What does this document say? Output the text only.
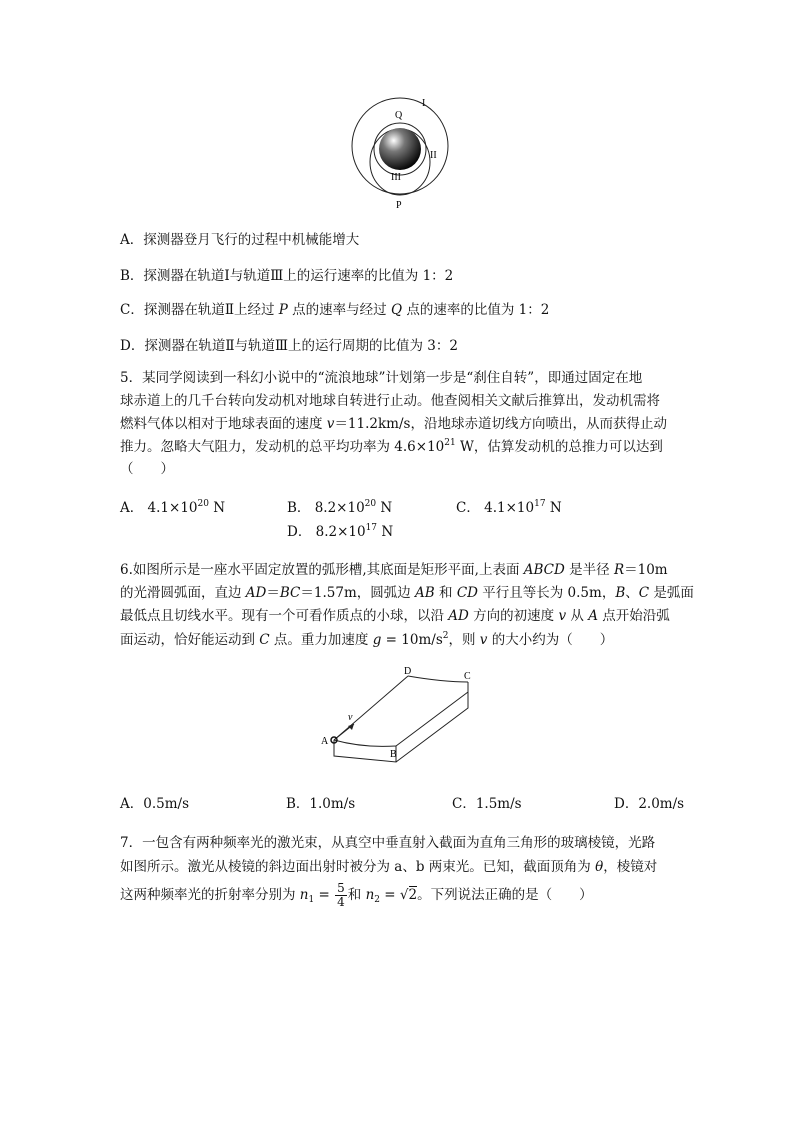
Q
I
II
III
P
A．探测器登月飞行的过程中机械能增大
B．探测器在轨道Ⅰ与轨道Ⅲ上的运行速率的比值为 1：2
C．探测器在轨道Ⅱ上经过 P 点的速率与经过 Q 点的速率的比值为 1：2
D．探测器在轨道Ⅱ与轨道Ⅲ上的运行周期的比值为 3：2
5．某同学阅读到一科幻小说中的“流浪地球”计划第一步是“刹住自转”，即通过固定在地
球赤道上的几千台转向发动机对地球自转进行止动。他查阅相关文献后推算出，发动机需将
燃料气体以相对于地球表面的速度 v＝11.2km/s，沿地球赤道切线方向喷出，从而获得止动
推力。忽略大气阻力，发动机的总平均功率为 $4.6\times 10^{21}$ W，估算发动机的总推力可以达到
（　　）
A． $4.1\times 10^{20}$ N	B． $8.2\times 10^{20}$ N	C． $4.1\times 10^{17}$ N
D． $8.2\times 10^{17}$ N
6.如图所示是一座水平固定放置的弧形槽,其底面是矩形平面,上表面 ABCD 是半径 R＝10m
的光滑圆弧面，直边 AD＝BC＝1.57m，圆弧边 AB 和 CD 平行且等长为 0.5m，B、C 是弧面
最低点且切线水平。现有一个可看作质点的小球，以沿 AD 方向的初速度 v 从 A 点开始沿弧
面运动，恰好能运动到 C 点。重力加速度 $g = 10m/s^2$，则 v 的大小约为（　　）
v
A
B
D	C
A．0.5m/s	B．1.0m/s	C．1.5m/s	D．2.0m/s
7．一包含有两种频率光的激光束，从真空中垂直射入截面为直角三角形的玻璃棱镜，光路
如图所示。激光从棱镜的斜边面出射时被分为 a、b 两束光。已知，截面顶角为 θ，棱镜对
这两种频率光的折射率分别为 $n_1 = \frac{5}{4}$ 和 $n_2 = √2$。下列说法正确的是（　　）
